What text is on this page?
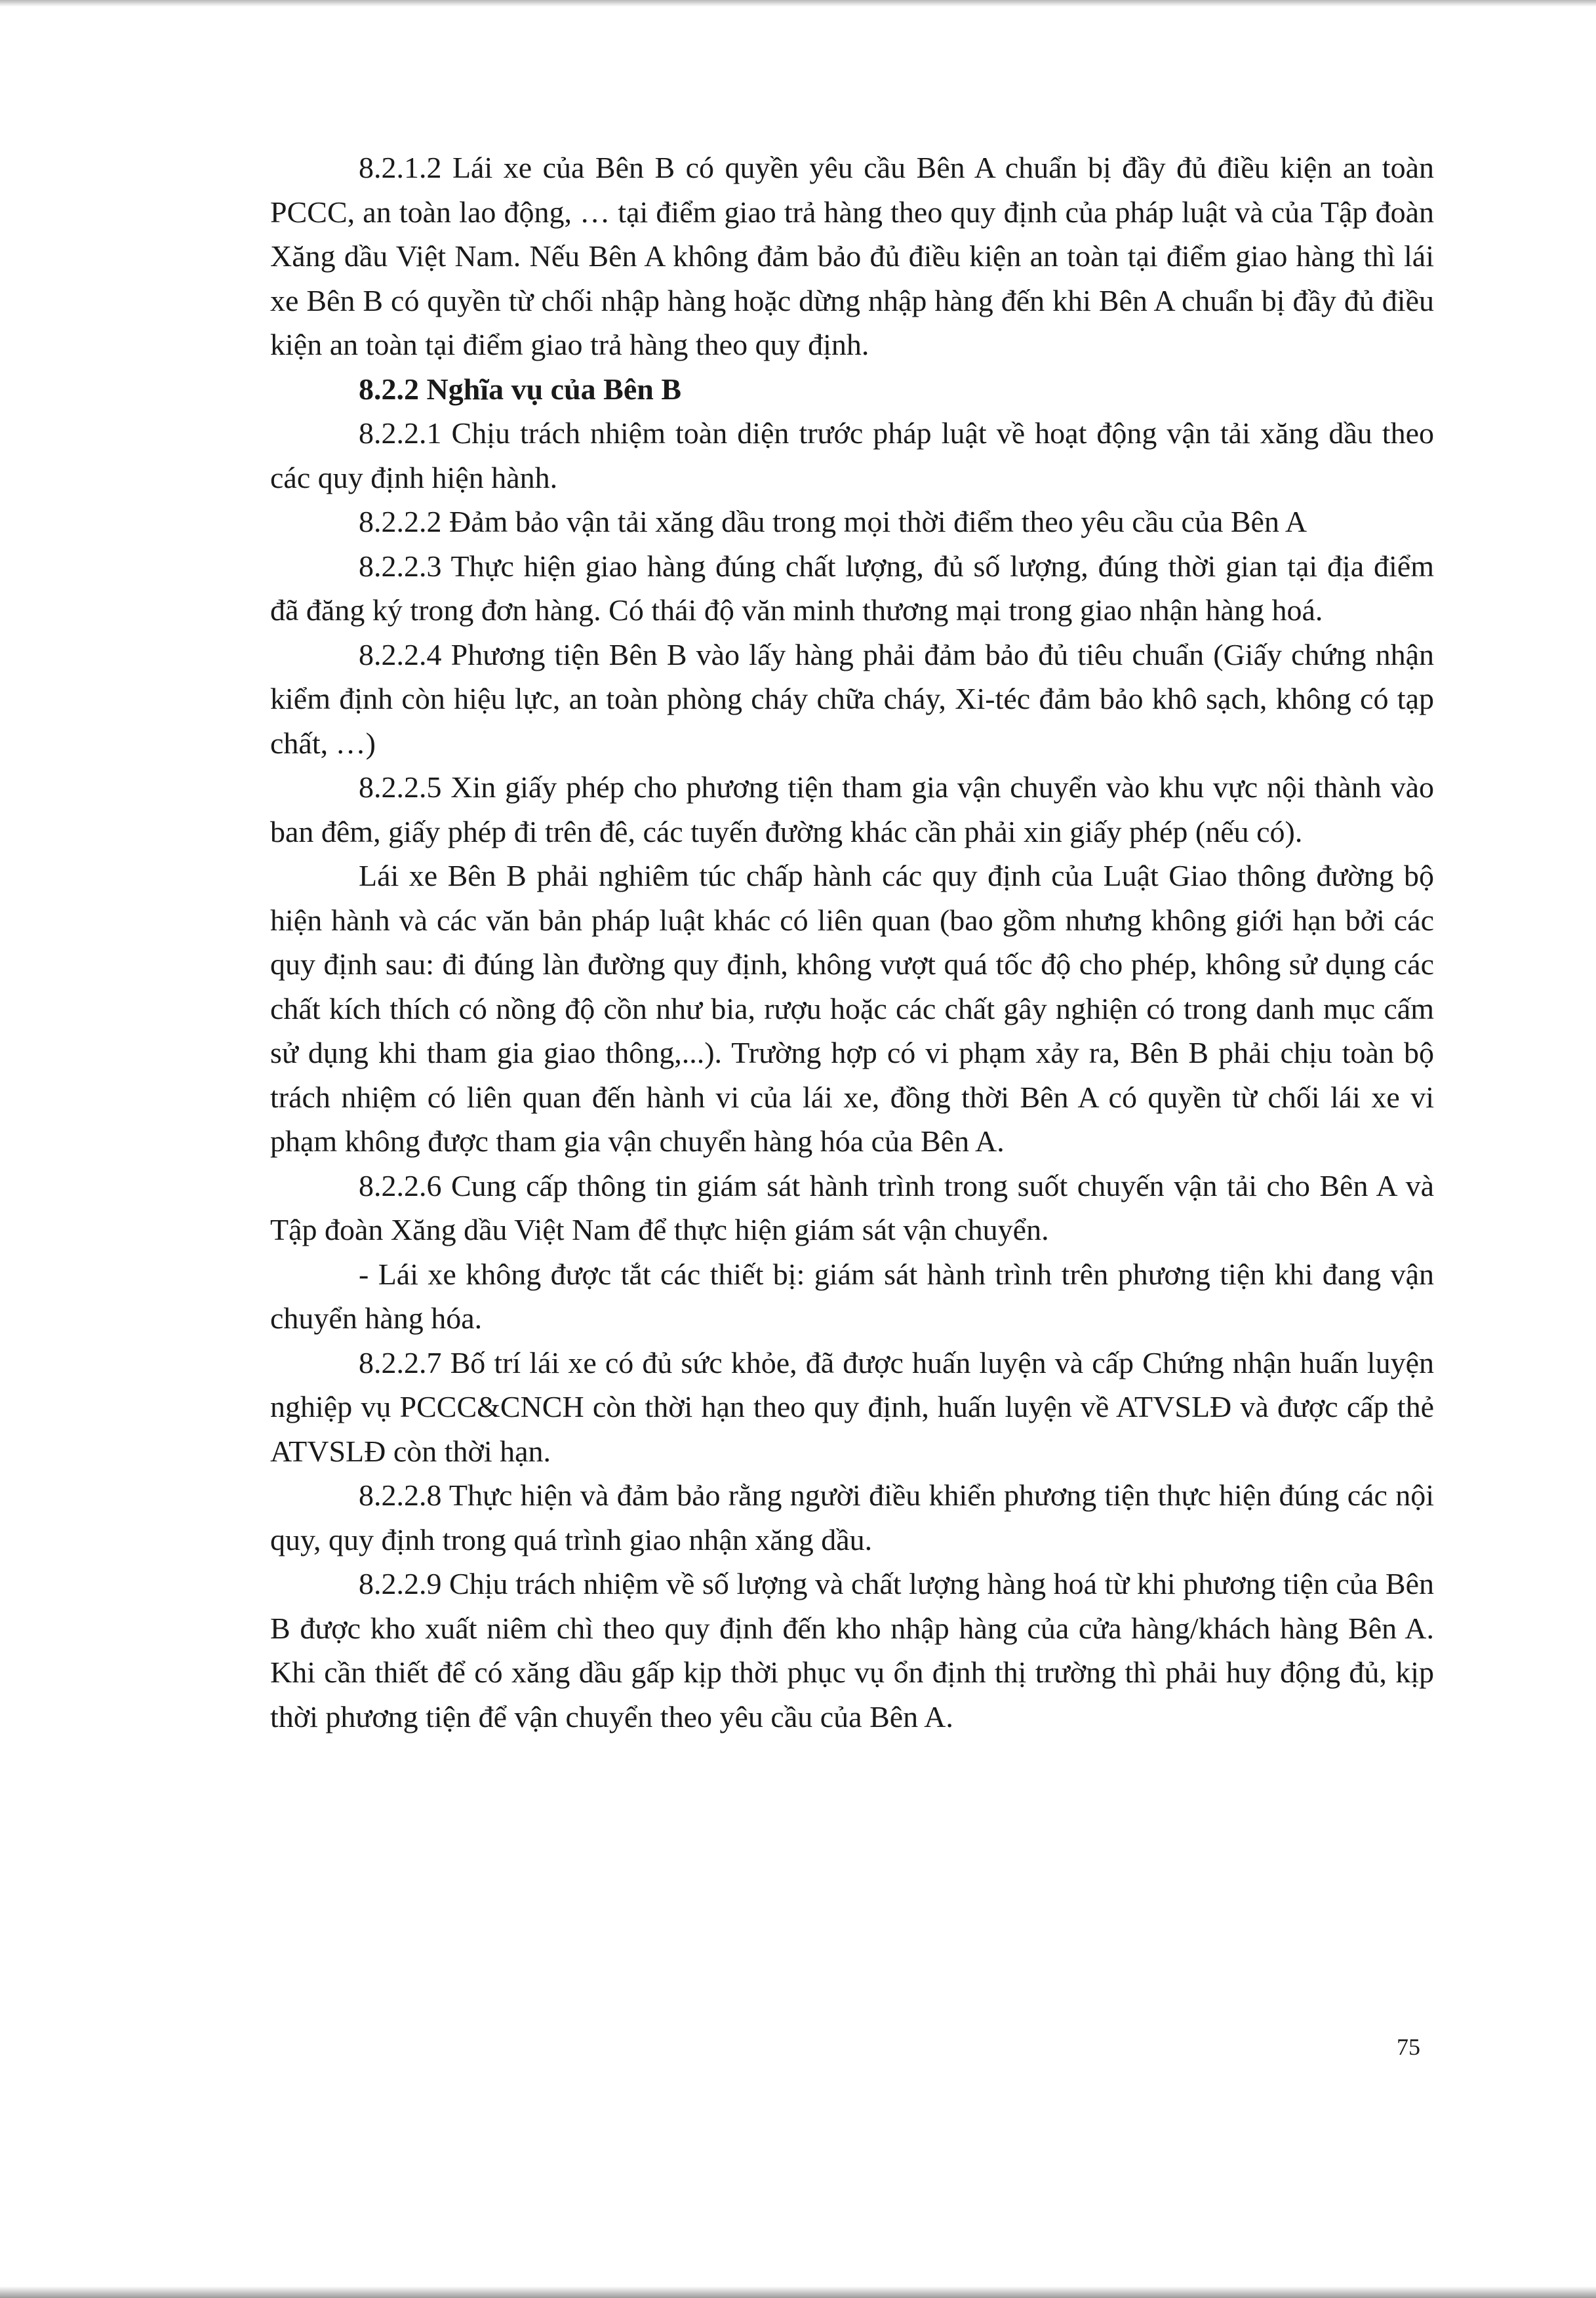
8.2.1.2 Lái xe của Bên B có quyền yêu cầu Bên A chuẩn bị đầy đủ điều kiện an toàn PCCC, an toàn lao động, … tại điểm giao trả hàng theo quy định của pháp luật và của Tập đoàn Xăng dầu Việt Nam. Nếu Bên A không đảm bảo đủ điều kiện an toàn tại điểm giao hàng thì lái xe Bên B có quyền từ chối nhập hàng hoặc dừng nhập hàng đến khi Bên A chuẩn bị đầy đủ điều kiện an toàn tại điểm giao trả hàng theo quy định.

8.2.2 Nghĩa vụ của Bên B

8.2.2.1 Chịu trách nhiệm toàn diện trước pháp luật về hoạt động vận tải xăng dầu theo các quy định hiện hành.

8.2.2.2 Đảm bảo vận tải xăng dầu trong mọi thời điểm theo yêu cầu của Bên A

8.2.2.3 Thực hiện giao hàng đúng chất lượng, đủ số lượng, đúng thời gian tại địa điểm đã đăng ký trong đơn hàng. Có thái độ văn minh thương mại trong giao nhận hàng hoá.

8.2.2.4 Phương tiện Bên B vào lấy hàng phải đảm bảo đủ tiêu chuẩn (Giấy chứng nhận kiểm định còn hiệu lực, an toàn phòng cháy chữa cháy, Xi-téc đảm bảo khô sạch, không có tạp chất, …)

8.2.2.5 Xin giấy phép cho phương tiện tham gia vận chuyển vào khu vực nội thành vào ban đêm, giấy phép đi trên đê, các tuyến đường khác cần phải xin giấy phép (nếu có).

Lái xe Bên B phải nghiêm túc chấp hành các quy định của Luật Giao thông đường bộ hiện hành và các văn bản pháp luật khác có liên quan (bao gồm nhưng không giới hạn bởi các quy định sau: đi đúng làn đường quy định, không vượt quá tốc độ cho phép, không sử dụng các chất kích thích có nồng độ cồn như bia, rượu hoặc các chất gây nghiện có trong danh mục cấm sử dụng khi tham gia giao thông,...). Trường hợp có vi phạm xảy ra, Bên B phải chịu toàn bộ trách nhiệm có liên quan đến hành vi của lái xe, đồng thời Bên A có quyền từ chối lái xe vi phạm không được tham gia vận chuyển hàng hóa của Bên A.

8.2.2.6 Cung cấp thông tin giám sát hành trình trong suốt chuyến vận tải cho Bên A và Tập đoàn Xăng dầu Việt Nam để thực hiện giám sát vận chuyển.

- Lái xe không được tắt các thiết bị: giám sát hành trình trên phương tiện khi đang vận chuyển hàng hóa.

8.2.2.7 Bố trí lái xe có đủ sức khỏe, đã được huấn luyện và cấp Chứng nhận huấn luyện nghiệp vụ PCCC&CNCH còn thời hạn theo quy định, huấn luyện về ATVSLĐ và được cấp thẻ ATVSLĐ còn thời hạn.

8.2.2.8 Thực hiện và đảm bảo rằng người điều khiển phương tiện thực hiện đúng các nội quy, quy định trong quá trình giao nhận xăng dầu.

8.2.2.9 Chịu trách nhiệm về số lượng và chất lượng hàng hoá từ khi phương tiện của Bên B được kho xuất niêm chì theo quy định đến kho nhập hàng của cửa hàng/khách hàng Bên A. Khi cần thiết để có xăng dầu gấp kịp thời phục vụ ổn định thị trường thì phải huy động đủ, kịp thời phương tiện để vận chuyển theo yêu cầu của Bên A.

75
